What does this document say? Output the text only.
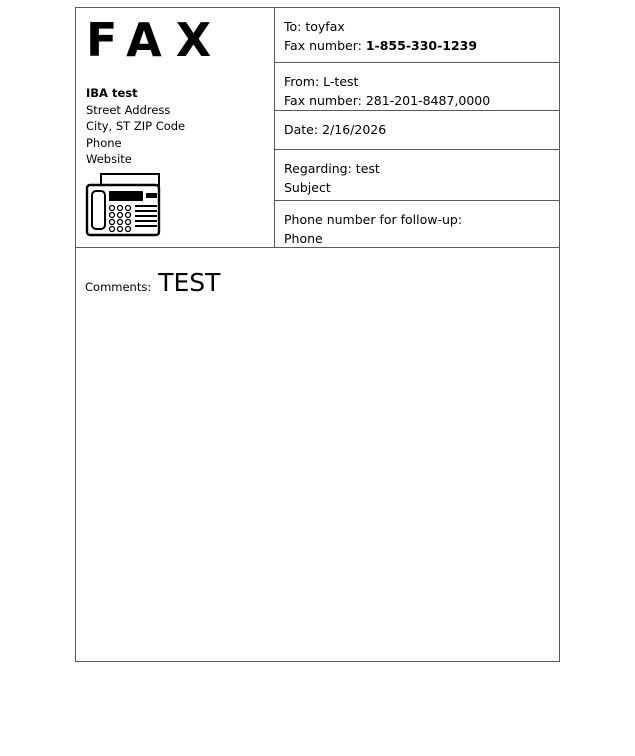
FAX
IBA test
Street Address
City, ST ZIP Code
Phone
Website
To: toyfax
Fax number: 1-855-330-1239
From: L-test
Fax number: 281-201-8487,0000
Date: 2/16/2026
Regarding: test
Subject
Phone number for follow-up:
Phone
Comments: TEST
